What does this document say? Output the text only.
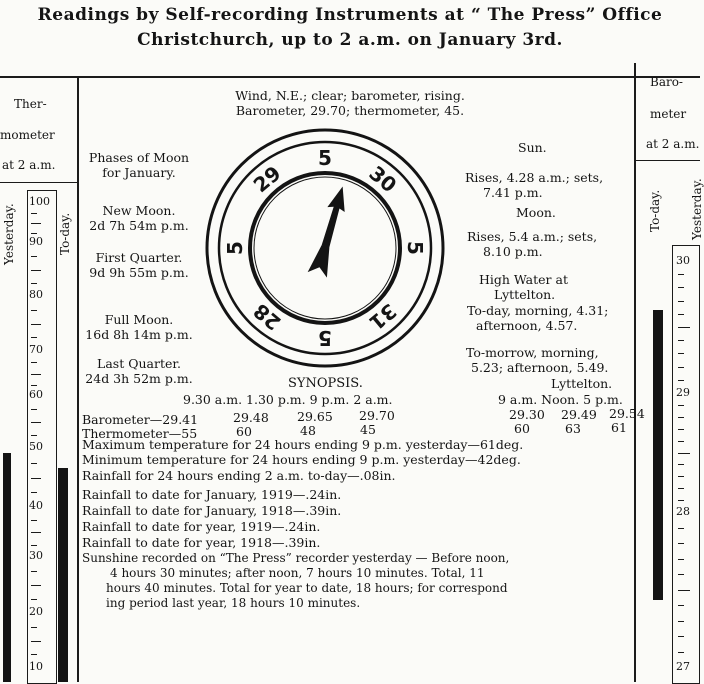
Readings by Self-recording Instruments at “ The Press” Office
Christchurch, up to 2 a.m. on January 3rd.
Ther-
mometer
at 2 a.m.
Yesterday.	To-day.
100
90
80
70
60
50
40
30
20
10
Baro-
meter
at 2 a.m.
To-day. Yesterday.
30
29
28
27
Wind, N.E.; clear; barometer, rising.
Barometer, 29.70; thermometer, 45.
Phases of Moon
for January.
New Moon.
2d 7h 54m p.m.
First Quarter.
9d 9h 55m p.m.
Full Moon.
16d 8h 14m p.m.
Last Quarter.
24d 3h 52m p.m.
29
5
30
5
31
5
28
5
Sun.
Rises, 4.28 a.m.; sets,
7.41 p.m.
Moon.
Rises, 5.4 a.m.; sets,
8.10 p.m.
High Water at
Lyttelton.
To-day, morning, 4.31;
afternoon, 4.57.
To-morrow, morning,
5.23; afternoon, 5.49.
SYNOPSIS.
9.30 a.m. 1.30 p.m. 9 p.m. 2 a.m.
Lyttelton.
9 a.m. Noon. 5 p.m.
Barometer—29.41	29.48 29.65 29.70	29.30 29.49 29.54
Thermometer—55	60	48	45	60	63 61
Maximum temperature for 24 hours ending 9 p.m. yesterday—61deg.
Minimum temperature for 24 hours ending 9 p.m. yesterday—42deg.
Rainfall for 24 hours ending 2 a.m. to-day—.08in.
Rainfall to date for January, 1919—.24in.
Rainfall to date for January, 1918—.39in.
Rainfall to date for year, 1919—.24in.
Rainfall to date for year, 1918—.39in.
Sunshine recorded on “The Press” recorder yesterday — Before noon,
4 hours 30 minutes; after noon, 7 hours 10 minutes. Total, 11
hours 40 minutes. Total for year to date, 18 hours; for correspond
ing period last year, 18 hours 10 minutes.
